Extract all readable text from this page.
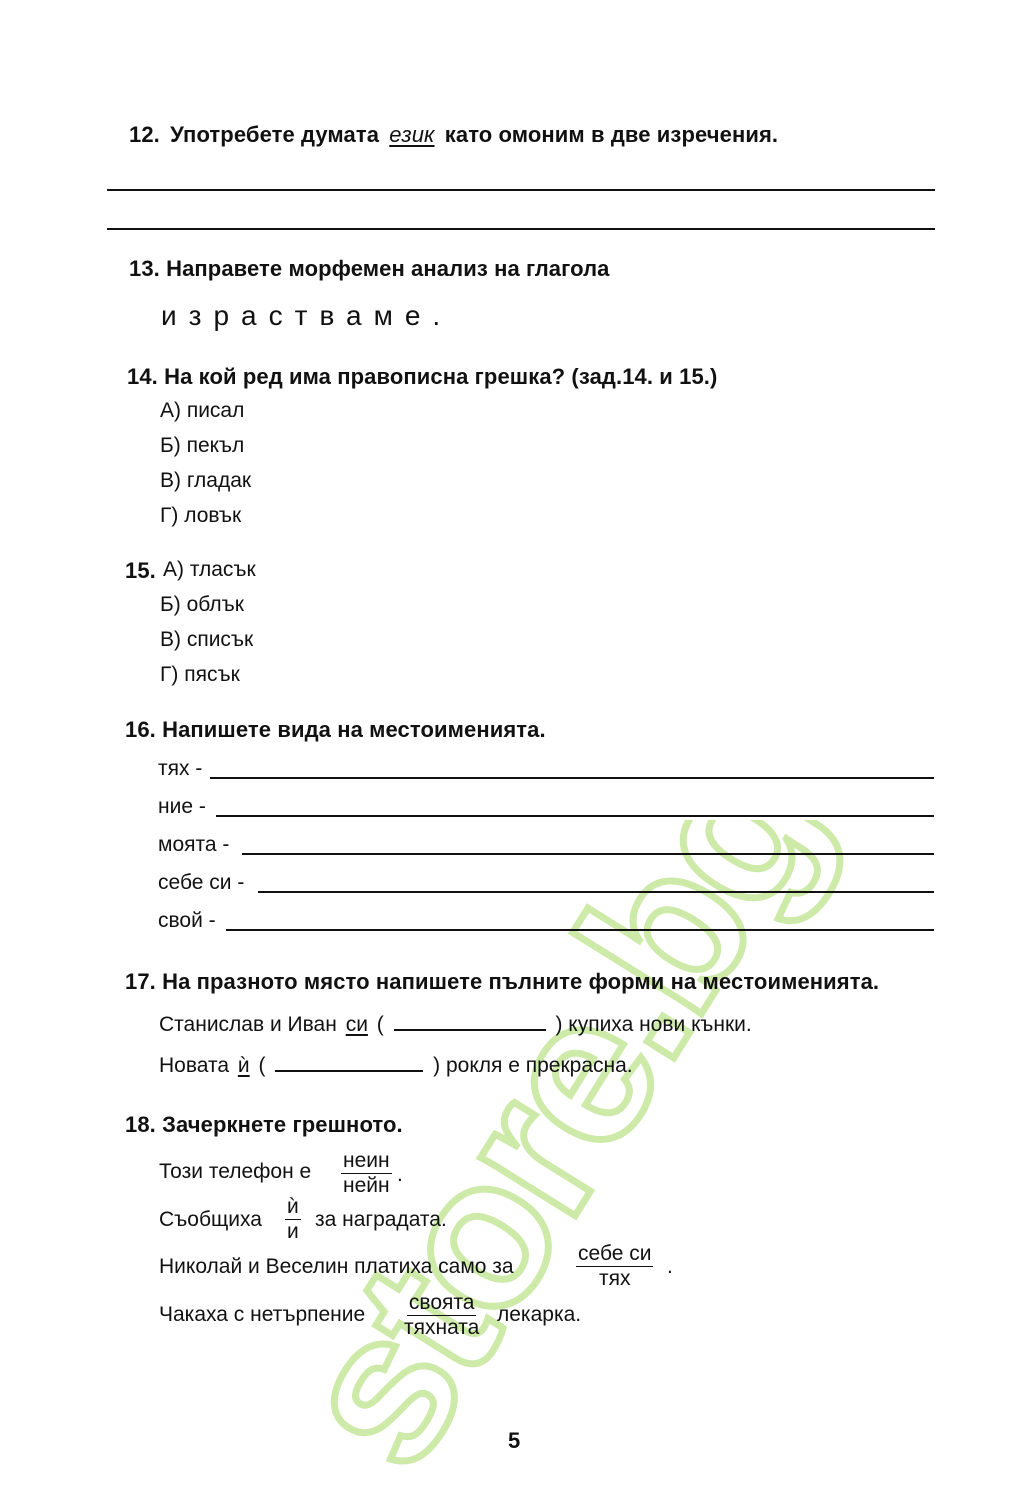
store.bg
12. Употребете думата език като омоним в две изречения.
13. Направете морфемен анализ на глагола
израстваме.
14. На кой ред има правописна грешка? (зад.14. и 15.)
А) писал
Б) пекъл
В) гладак
Г) ловък
15. А) тласък
Б) облък
В) списък
Г) пясък
16. Напишете вида на местоименията.
тях -
ние -
моята -
себе си -
свой -
17. На празното място напишете пълните форми на местоименията.
Станислав и Иван си (	) купиха нови кънки.
Новата ѝ (	) рокля е прекрасна.
18. Зачеркнете грешното.
Този телефон е неин
нейн .
Съобщиха
ѝ
и
за наградата.
Николай и Веселин платиха само за
себе си
тях
.
Чакаха с нетърпение
своята
тяхната
лекарка.
5
